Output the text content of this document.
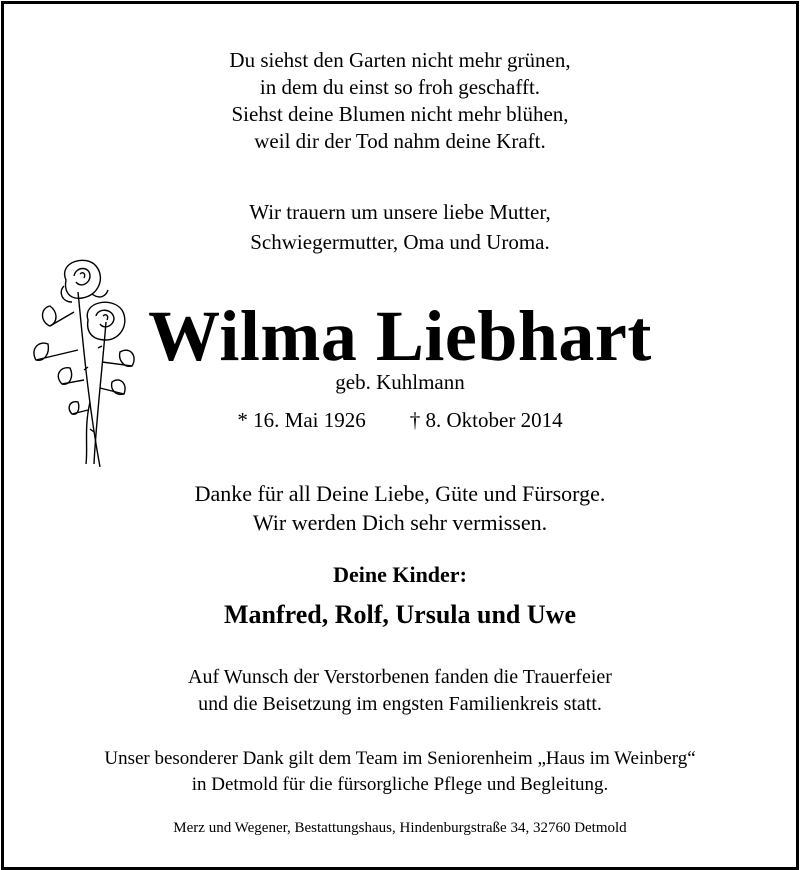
Du siehst den Garten nicht mehr grünen,
in dem du einst so froh geschafft.
Siehst deine Blumen nicht mehr blühen,
weil dir der Tod nahm deine Kraft.
Wir trauern um unsere liebe Mutter,
Schwiegermutter, Oma und Uroma.
Wilma Liebhart
geb. Kuhlmann
* 16. Mai 1926 † 8. Oktober 2014
Danke für all Deine Liebe, Güte und Fürsorge.
Wir werden Dich sehr vermissen.
Deine Kinder:
Manfred, Rolf, Ursula und Uwe
Auf Wunsch der Verstorbenen fanden die Trauerfeier
und die Beisetzung im engsten Familienkreis statt.
Unser besonderer Dank gilt dem Team im Seniorenheim „Haus im Weinberg“
in Detmold für die fürsorgliche Pflege und Begleitung.
Merz und Wegener, Bestattungshaus, Hindenburgstraße 34, 32760 Detmold
